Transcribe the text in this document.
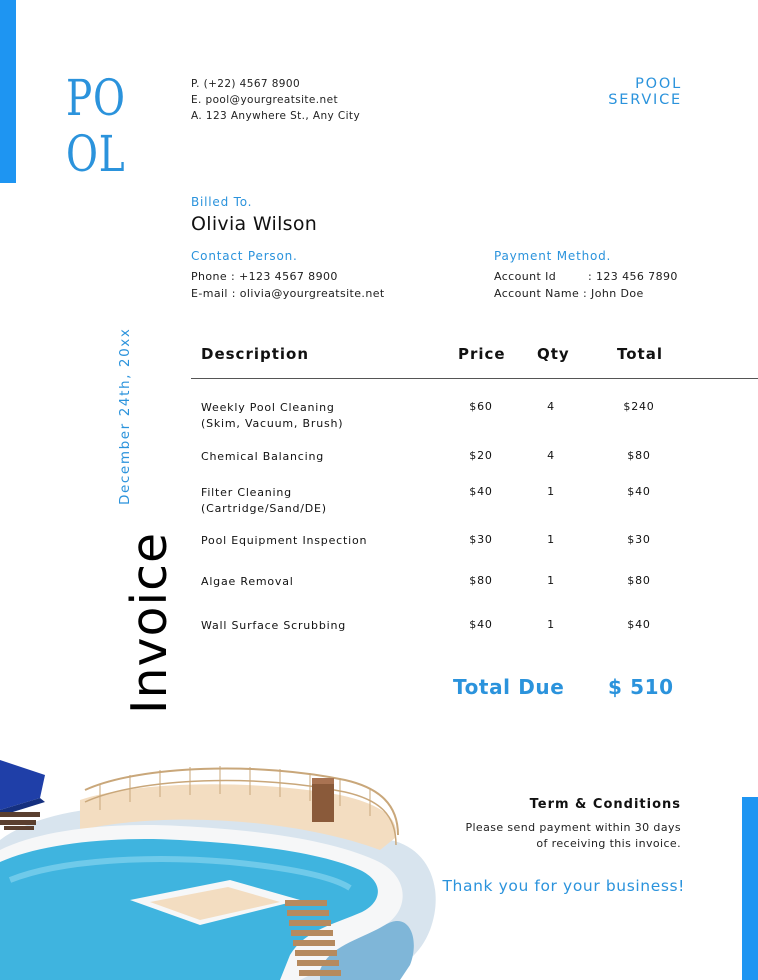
PO
OL
P. (+22) 4567 8900
E. pool@yourgreatsite.net
A. 123 Anywhere St., Any City
POOL
SERVICE
Billed To.
Olivia Wilson
Contact Person.
Phone : +123 4567 8900
E-mail : olivia@yourgreatsite.net
Payment Method.
Account Id	: 123 456 7890
Account Name : John Doe
December 24th, 20xx
Invoice
Description	Price Qty	Total
Weekly Pool Cleaning
(Skim, Vacuum, Brush)
$60	4	$240
Chemical Balancing	$20	4	$80
Filter Cleaning
(Cartridge/Sand/DE)
$40	1	$40
Pool Equipment Inspection	$30	1	$30
Algae Removal	$80	1	$80
Wall Surface Scrubbing	$40	1	$40
Total Due $ 510
Term & Conditions
Please send payment within 30 days
of receiving this invoice.
Thank you for your business!
